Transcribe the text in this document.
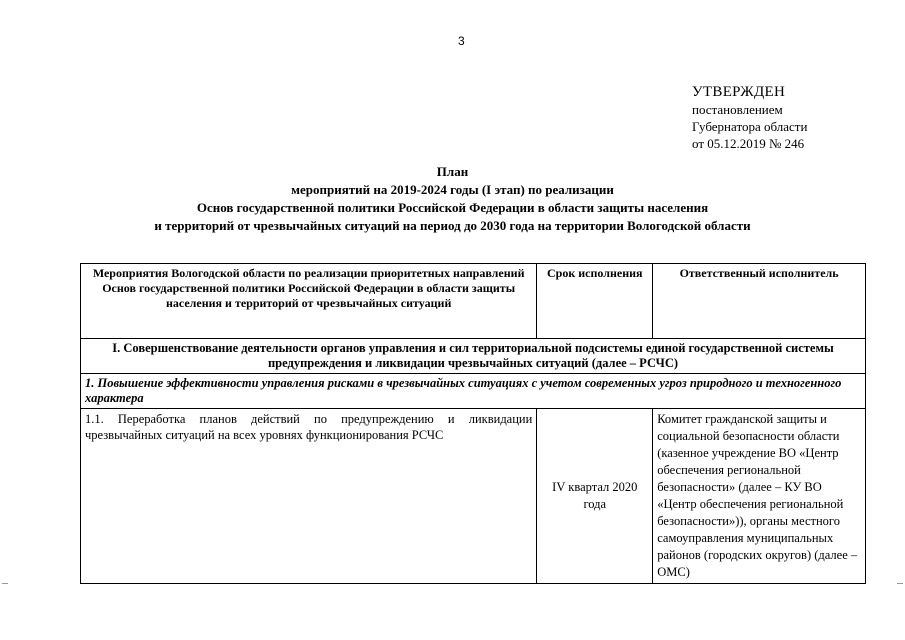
3
УТВЕРЖДЕН
постановлением
Губернатора области
от 05.12.2019 № 246
План
мероприятий на 2019-2024 годы (I этап) по реализации
Основ государственной политики Российской Федерации в области защиты населения
и территорий от чрезвычайных ситуаций на период до 2030 года на территории Вологодской области
Мероприятия Вологодской области по реализации приоритетных направлений Основ государственной политики Российской Федерации в области защиты населения и территорий от чрезвычайных ситуаций	Срок исполнения	Ответственный исполнитель
I. Совершенствование деятельности органов управления и сил территориальной подсистемы единой государственной системы предупреждения и ликвидации чрезвычайных ситуаций (далее – РСЧС)		
1. Повышение эффективности управления рисками в чрезвычайных ситуациях с учетом современных угроз природного и техногенного характера		
1.1. Переработка планов действий по предупреждению и ликвидации чрезвычайных ситуаций на всех уровнях функционирования РСЧС	IV квартал 2020 года	Комитет гражданской защиты и социальной безопасности области (казенное учреждение ВО «Центр обеспечения региональной безопасности» (далее – КУ ВО «Центр обеспечения региональной безопасности»)), органы местного самоуправления муниципальных районов (городских округов) (далее – ОМС)
